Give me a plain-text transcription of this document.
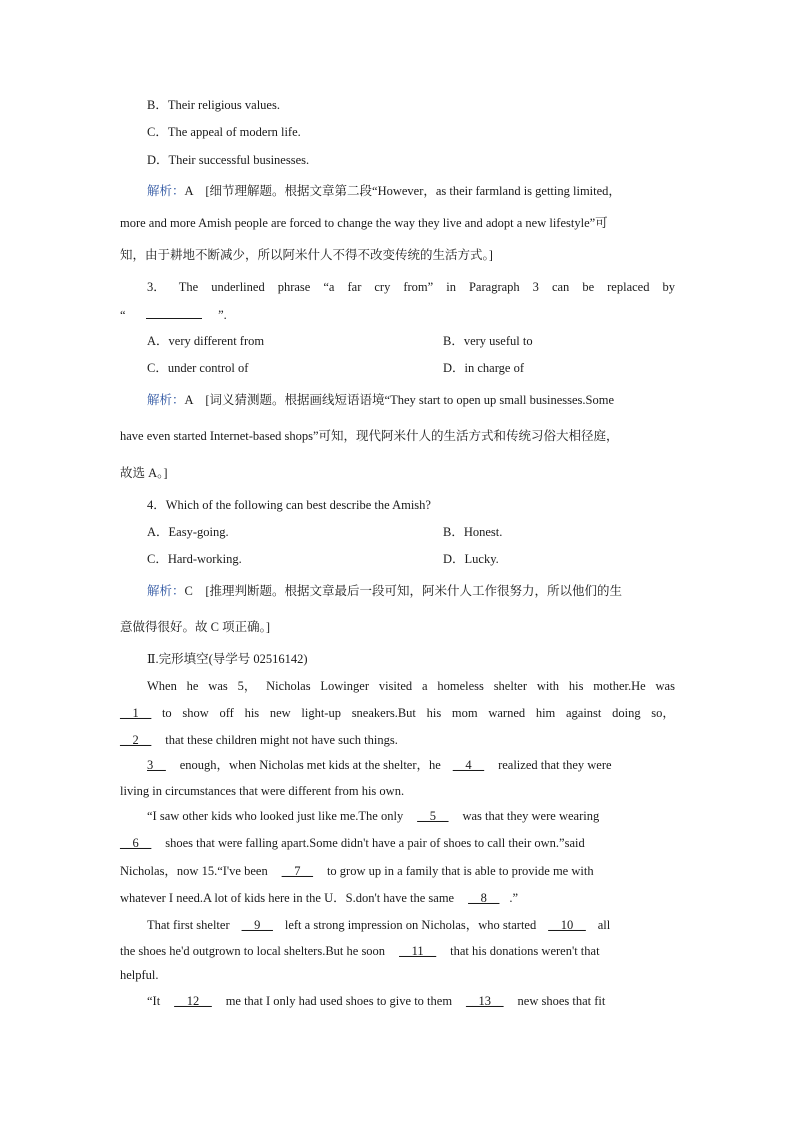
B．Their religious values.
C．The appeal of modern life.
D．Their successful businesses.
解析：A　[细节理解题。根据文章第二段“However，as their farmland is getting limited，
more and more Amish people are forced to change the way they live and adopt a new lifestyle”可
知，由于耕地不断减少，所以阿米什人不得不改变传统的生活方式。]
3． The underlined phrase “a far cry from” in Paragraph 3 can be replaced by
“	”.
A．very different from	B．very useful to
C．under control of	D．in charge of
解析：A　[词义猜测题。根据画线短语语境“They start to open up small businesses.Some
have even started Internet-based shops”可知，现代阿米什人的生活方式和传统习俗大相径庭，
故选 A。]
4．Which of the following can best describe the Amish?
A．Easy-going.	B．Honest.
C．Hard-working.	D．Lucky.
解析：C　[推理判断题。根据文章最后一段可知，阿米什人工作很努力，所以他们的生
意做得很好。故 C 项正确。]
Ⅱ.完形填空(导学号 02516142)
When he was 5， Nicholas Lowinger visited a homeless shelter with his mother.He was
__1__ to show off his new light-up sneakers.But his mom warned him against doing so，
__2__ that these children might not have such things.
3__ enough，when Nicholas met kids at the shelter，he __4__ realized that they were
living in circumstances that were different from his own.
“I saw other kids who looked just like me.The only __5__ was that they were wearing
__6__ shoes that were falling apart.Some didn't have a pair of shoes to call their own.”said
Nicholas，now 15.“I've been __7__ to grow up in a family that is able to provide me with
whatever I need.A lot of kids here in the U．S.don't have the same __8__ .”
That first shelter __9__ left a strong impression on Nicholas，who started __10__ all
the shoes he'd outgrown to local shelters.But he soon __11__ that his donations weren't that
helpful.
“It __12__ me that I only had used shoes to give to them __13__ new shoes that fit
